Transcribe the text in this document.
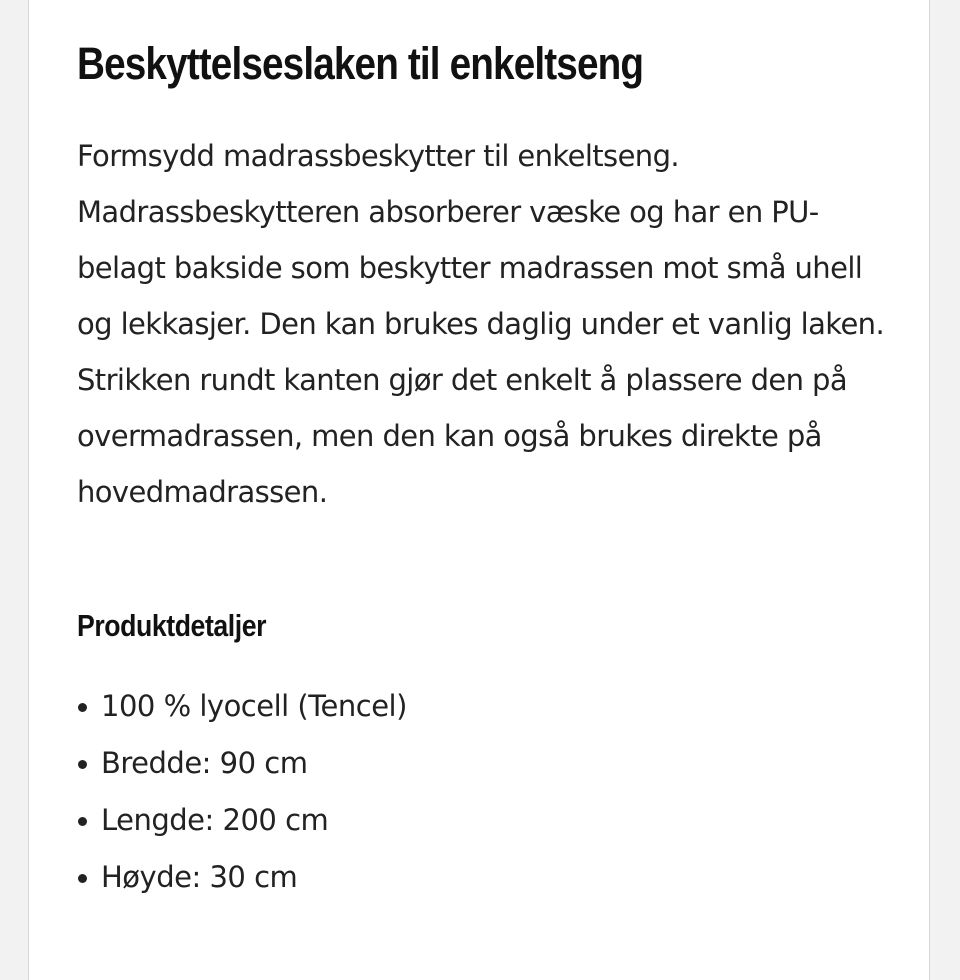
Beskyttelseslaken til enkeltseng

Formsydd madrassbeskytter til enkeltseng. Madrassbeskytteren absorberer væske og har en PU-belagt bakside som beskytter madrassen mot små uhell og lekkasjer. Den kan brukes daglig under et vanlig laken. Strikken rundt kanten gjør det enkelt å plassere den på overmadrassen, men den kan også brukes direkte på hovedmadrassen.

Produktdetaljer
100 % lyocell (Tencel)
Bredde: 90 cm
Lengde: 200 cm
Høyde: 30 cm
